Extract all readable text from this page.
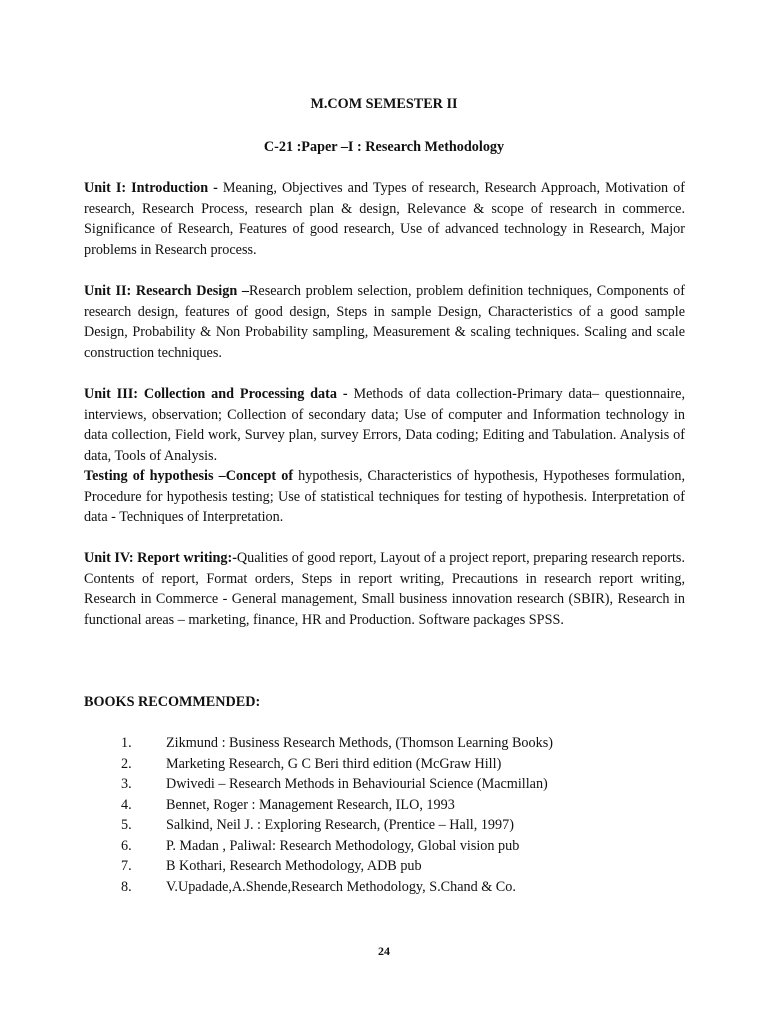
M.COM SEMESTER II
C-21 :Paper –I : Research Methodology

Unit I: Introduction - Meaning, Objectives and Types of research, Research Approach, Motivation of research, Research Process, research plan & design, Relevance & scope of research in commerce. Significance of Research, Features of good research, Use of advanced technology in Research, Major problems in Research process.

Unit II: Research Design –Research problem selection, problem definition techniques, Components of research design, features of good design, Steps in sample Design, Characteristics of a good sample Design, Probability & Non Probability sampling, Measurement & scaling techniques. Scaling and scale construction techniques.

Unit III: Collection and Processing data - Methods of data collection-Primary data– questionnaire, interviews, observation; Collection of secondary data; Use of computer and Information technology in data collection, Field work, Survey plan, survey Errors, Data coding; Editing and Tabulation. Analysis of data, Tools of Analysis.

Testing of hypothesis –Concept of hypothesis, Characteristics of hypothesis, Hypotheses formulation, Procedure for hypothesis testing; Use of statistical techniques for testing of hypothesis. Interpretation of data - Techniques of Interpretation.

Unit IV: Report writing:-Qualities of good report, Layout of a project report, preparing research reports. Contents of report, Format orders, Steps in report writing, Precautions in research report writing, Research in Commerce - General management, Small business innovation research (SBIR), Research in functional areas – marketing, finance, HR and Production. Software packages SPSS.

BOOKS RECOMMENDED:

1. Zikmund : Business Research Methods, (Thomson Learning Books)
2. Marketing Research, G C Beri third edition (McGraw Hill)
3. Dwivedi – Research Methods in Behaviourial Science (Macmillan)
4. Bennet, Roger : Management Research, ILO, 1993
5. Salkind, Neil J. : Exploring Research, (Prentice – Hall, 1997)
6. P. Madan , Paliwal: Research Methodology, Global vision pub
7. B Kothari, Research Methodology, ADB pub
8. V.Upadade,A.Shende,Research Methodology, S.Chand & Co.
24
